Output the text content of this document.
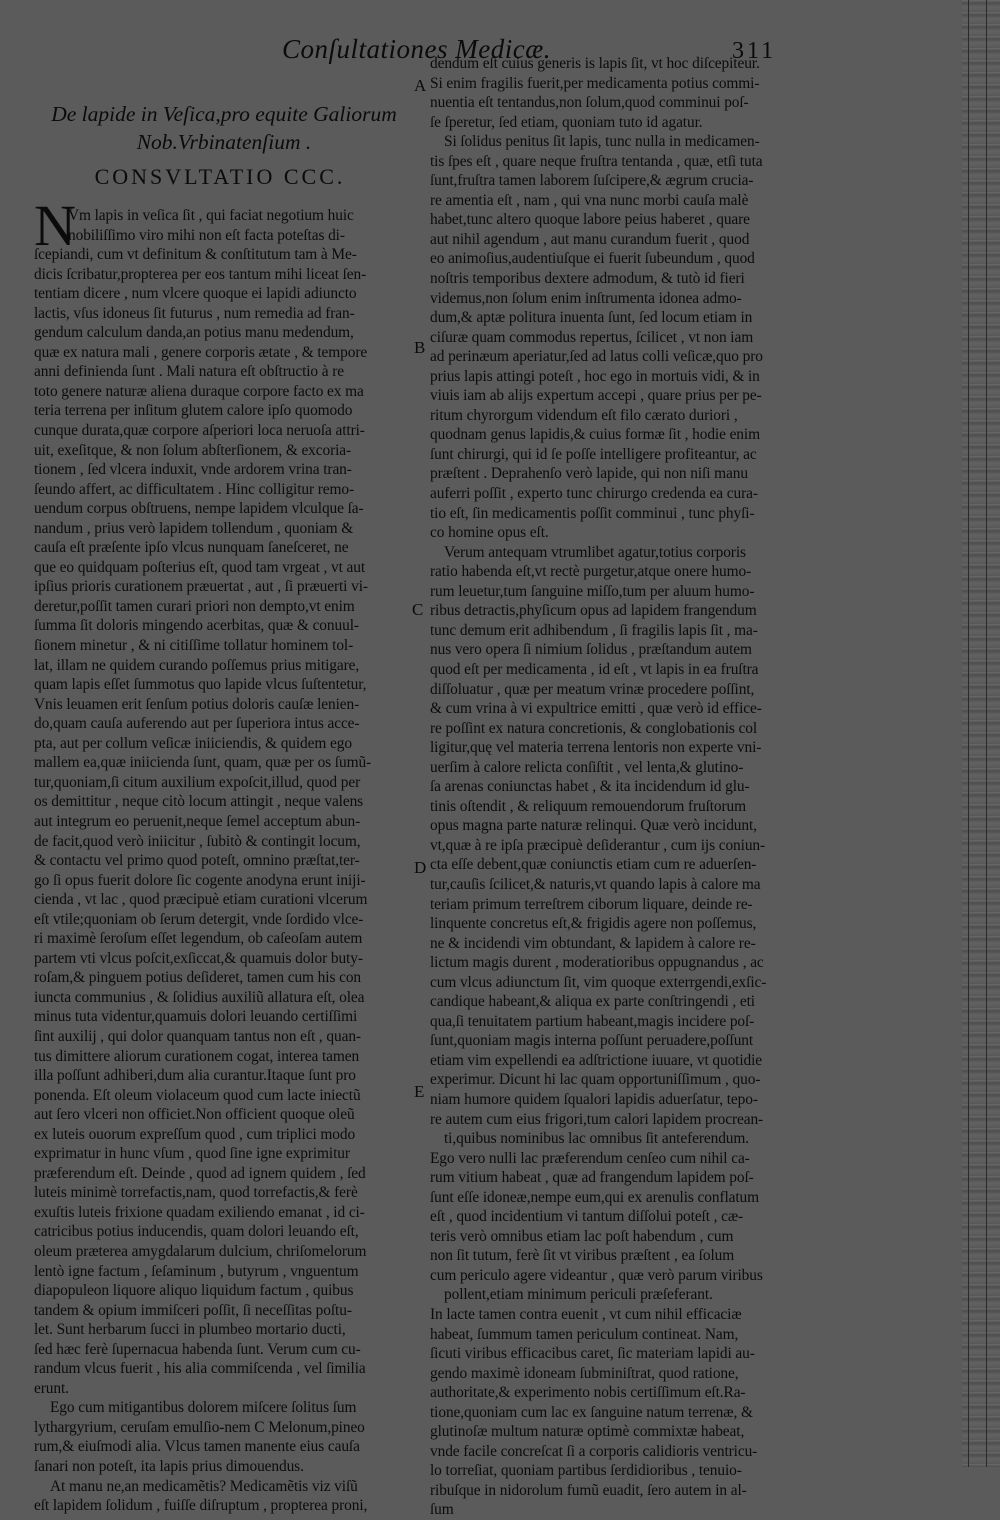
Conſultationes Medicæ.	311
De lapide in Veſica,pro equite Galiorum
Nob.Vrbinatenſium .
CONSVLTATIO CCC.
N
Vm lapis in veſica ſit , qui faciat negotium huic
nobiliſſimo viro mihi non eſt facta poteſtas di-
ſcepiandi, cum vt definitum & conſtitutum tam à Me-
dicis ſcribatur,propterea per eos tantum mihi liceat ſen-
tentiam dicere , num vlcere quoque ei lapidi adiuncto
lactis, vſus idoneus ſit futurus , num remedia ad fran-
gendum calculum danda,an potius manu medendum,
quæ ex natura mali , genere corporis ætate , & tempore
anni definienda ſunt . Mali natura eſt obſtructio à re
toto genere naturæ aliena duraque corpore facto ex ma
teria terrena per inſitum glutem calore ipſo quomodo
cunque durata,quæ corpore aſperiori loca neruoſa attri-
uit, exeſitque, & non ſolum abſterſionem, & excoria-
tionem , ſed vlcera induxit, vnde ardorem vrina tran-
ſeundo affert, ac difficultatem . Hinc colligitur remo-
uendum corpus obſtruens, nempe lapidem vlculque ſa-
nandum , prius verò lapidem tollendum , quoniam &
cauſa eſt præſente ipſo vlcus nunquam ſaneſceret, ne
que eo quidquam poſterius eſt, quod tam vrgeat , vt aut
ipſius prioris curationem præuertat , aut , ſi præuerti vi-
deretur,poſſit tamen curari priori non dempto,vt enim
ſumma ſit doloris mingendo acerbitas, quæ & conuul-
ſionem minetur , & ni citiſſime tollatur hominem tol-
lat, illam ne quidem curando poſſemus prius mitigare,
quam lapis eſſet ſummotus quo lapide vlcus ſuſtentetur,
Vnis leuamen erit ſenſum potius doloris cauſæ lenien-
do,quam cauſa auferendo aut per ſuperiora intus acce-
pta, aut per collum veſicæ iniiciendis, & quidem ego
mallem ea,quæ iniicienda ſunt, quam, quæ per os ſumũ-
tur,quoniam,ſi citum auxilium expoſcit,illud, quod per
os demittitur , neque citò locum attingit , neque valens
aut integrum eo peruenit,neque ſemel acceptum abun-
de facit,quod verò iniicitur , ſubitò & contingit locum,
& contactu vel primo quod poteſt, omnino præſtat,ter-
go ſi opus fuerit dolore ſic cogente anodyna erunt iniji-
cienda , vt lac , quod præcipuè etiam curationi vlcerum
eſt vtile;quoniam ob ſerum detergit, vnde ſordido vlce-
ri maximè ſeroſum eſſet legendum, ob caſeoſam autem
partem vti vlcus poſcit,exſiccat,& quamuis dolor buty-
roſam,& pinguem potius deſideret, tamen cum his con
iuncta communius , & ſolidius auxiliũ allatura eſt, olea
minus tuta videntur,quamuis dolori leuando certiſſimi
ſint auxilij , qui dolor quanquam tantus non eſt , quan-
tus dimittere aliorum curationem cogat, interea tamen
illa poſſunt adhiberi,dum alia curantur.Itaque ſunt pro
ponenda. Eſt oleum violaceum quod cum lacte iniectũ
aut ſero vlceri non officiet.Non officient quoque oleũ
ex luteis ouorum expreſſum quod , cum triplici modo
exprimatur in hunc vſum , quod ſine igne exprimitur
præferendum eſt. Deinde , quod ad ignem quidem , ſed
luteis minimè torrefactis,nam, quod torrefactis,& ferè
exuſtis luteis frixione quadam exiliendo emanat , id ci-
catricibus potius inducendis, quam dolori leuando eſt,
oleum præterea amygdalarum dulcium, chriſomelorum
lentò igne factum , ſeſaminum , butyrum , vnguentum
diapopuleon liquore aliquo liquidum factum , quibus
tandem & opium immiſceri poſſit, ſi neceſſitas poſtu-
let. Sunt herbarum ſucci in plumbeo mortario ducti,
ſed hæc ferè ſupernacua habenda ſunt. Verum cum cu-
randum vlcus fuerit , his alia commiſcenda , vel ſimilia
erunt.
Ego cum mitigantibus dolorem miſcere ſolitus ſum
lythargyrium, ceruſam emulſio-nem C Melonum,pineo
rum,& eiuſmodi alia. Vlcus tamen manente eius cauſa
ſanari non poteſt, ita lapis prius dimouendus.
At manu ne,an medicamẽtis? Medicamẽtis viz viſũ
eſt lapidem ſolidum , fuiſſe diſruptum , propterea proni,
dendum eſt cuius generis is lapis ſit, vt hoc diſcepiteur.
Si enim fragilis fuerit,per medicamenta potius commi-
nuentia eſt tentandus,non ſolum,quod comminui poſ-
ſe ſperetur, ſed etiam, quoniam tuto id agatur.
Si ſolidus penitus ſit lapis, tunc nulla in medicamen-
tis ſpes eſt , quare neque fruſtra tentanda , quæ, etſi tuta
ſunt,fruſtra tamen laborem ſuſcipere,& ægrum crucia-
re amentia eſt , nam , qui vna nunc morbi cauſa malè
habet,tunc altero quoque labore peius haberet , quare
aut nihil agendum , aut manu curandum fuerit , quod
eo animoſius,audentiuſque ei fuerit ſubeundum , quod
noſtris temporibus dextere admodum, & tutò id fieri
videmus,non ſolum enim inſtrumenta idonea admo-
dum,& aptæ politura inuenta ſunt, ſed locum etiam in
ciſuræ quam commodus repertus, ſcilicet , vt non iam
ad perinæum aperiatur,ſed ad latus colli veſicæ,quo pro
prius lapis attingi poteſt , hoc ego in mortuis vidi, & in
viuis iam ab alijs expertum accepi , quare prius per pe-
ritum chyrorgum videndum eſt filo cærato duriori ,
quodnam genus lapidis,& cuius formæ ſit , hodie enim
ſunt chirurgi, qui id ſe poſſe intelligere profiteantur, ac
præſtent . Deprahenſo verò lapide, qui non niſi manu
auferri poſſit , experto tunc chirurgo credenda ea cura-
tio eſt, ſin medicamentis poſſit comminui , tunc phyſi-
co homine opus eſt.
Verum antequam vtrumlibet agatur,totius corporis
ratio habenda eſt,vt rectè purgetur,atque onere humo-
rum leuetur,tum ſanguine miſſo,tum per aluum humo-
ribus detractis,phyſicum opus ad lapidem frangendum
tunc demum erit adhibendum , ſi fragilis lapis ſit , ma-
nus vero opera ſi nimium ſolidus , præſtandum autem
quod eſt per medicamenta , id eſt , vt lapis in ea fruſtra
diſſoluatur , quæ per meatum vrinæ procedere poſſint,
& cum vrina à vi expultrice emitti , quæ verò id effice-
re poſſint ex natura concretionis, & conglobationis col
ligitur,quę vel materia terrena lentoris non experte vni-
uerſim à calore relicta conſiſtit , vel lenta,& glutino-
ſa arenas coniunctas habet , & ita incidendum id glu-
tinis oſtendit , & reliquum remouendorum fruſtorum
opus magna parte naturæ relinqui. Quæ verò incidunt,
vt,quæ à re ipſa præcipuè deſiderantur , cum ijs coniun-
cta eſſe debent,quæ coniunctis etiam cum re aduerſen-
tur,cauſis ſcilicet,& naturis,vt quando lapis à calore ma
teriam primum terreſtrem ciborum liquare, deinde re-
linquente concretus eſt,& frigidis agere non poſſemus,
ne & incidendi vim obtundant, & lapidem à calore re-
lictum magis durent , moderatioribus oppugnandus , ac
cum vlcus adiunctum ſit, vim quoque exterrgendi,exſic-
candique habeant,& aliqua ex parte conſtringendi , eti
qua,ſi tenuitatem partium habeant,magis incidere poſ-
ſunt,quoniam magis interna poſſunt peruadere,poſſunt
etiam vim expellendi ea adſtrictione iuuare, vt quotidie
experimur. Dicunt hi lac quam opportuniſſimum , quo-
niam humore quidem ſqualori lapidis aduerſatur, tepo-
re autem cum eius frigori,tum calori lapidem procrean-
ti,quibus nominibus lac omnibus ſit anteferendum.
Ego vero nulli lac præferendum cenſeo cum nihil ca-
rum vitium habeat , quæ ad frangendum lapidem poſ-
ſunt eſſe idoneæ,nempe eum,qui ex arenulis conflatum
eſt , quod incidentium vi tantum diſſolui poteſt , cæ-
teris verò omnibus etiam lac poſt habendum , cum
non ſit tutum, ferè ſit vt viribus præſtent , ea ſolum
cum periculo agere videantur , quæ verò parum viribus
pollent,etiam minimum periculi præſeferant.
In lacte tamen contra euenit , vt cum nihil efficaciæ
habeat, ſummum tamen periculum contineat. Nam,
ſicuti viribus efficacibus caret, ſic materiam lapidi au-
gendo maximè idoneam ſubminiſtrat, quod ratione,
authoritate,& experimento nobis certiſſimum eſt.Ra-
tione,quoniam cum lac ex ſanguine natum terrenæ, &
glutinoſæ multum naturæ optimè commixtæ habeat,
vnde facile concreſcat ſi a corporis calidioris ventricu-
lo torreſiat, quoniam partibus ſerdidioribus , tenuio-
ribuſque in nidorolum fumũ euadit, ſero autem in al-
ſum
A
B
C
D
E
